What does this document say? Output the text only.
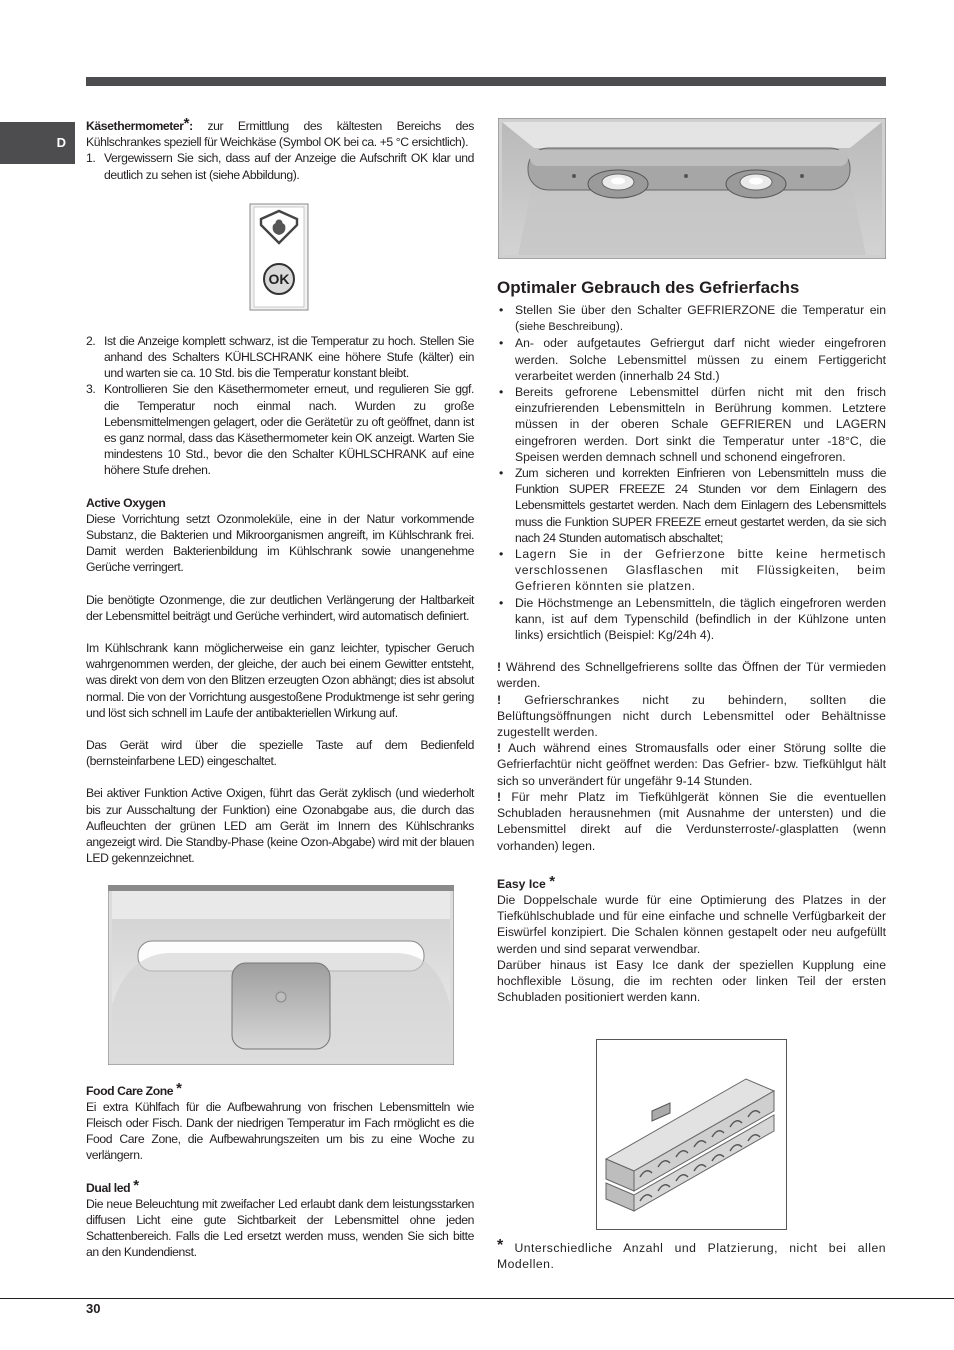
D

Käsethermometer*: zur Ermittlung des kältesten Bereichs des Kühlschrankes speziell für Weichkäse (Symbol OK bei ca. +5 °C ersichtlich).

1. Vergewissern Sie sich, dass auf der Anzeige die Aufschrift OK klar und deutlich zu sehen ist (siehe Abbildung).
OK
2. Ist die Anzeige komplett schwarz, ist die Temperatur zu hoch. Stellen Sie anhand des Schalters KÜHLSCHRANK eine höhere Stufe (kälter) ein und warten sie ca. 10 Std. bis die Temperatur konstant bleibt.
3. Kontrollieren Sie den Käsethermometer erneut, und regulieren Sie ggf. die Temperatur noch einmal nach. Wurden zu große Lebensmittelmengen gelagert, oder die Gerätetür zu oft geöffnet, dann ist es ganz normal, dass das Käsethermometer kein OK anzeigt. Warten Sie mindestens 10 Std., bevor die den Schalter KÜHLSCHRANK auf eine höhere Stufe drehen.

Active Oxygen

Diese Vorrichtung setzt Ozonmoleküle, eine in der Natur vorkommende Substanz, die Bakterien und Mikroorganismen angreift, im Kühlschrank frei. Damit werden Bakterienbildung im Kühlschrank sowie unangenehme Gerüche verringert.

Die benötigte Ozonmenge, die zur deutlichen Verlängerung der Haltbarkeit der Lebensmittel beiträgt und Gerüche verhindert, wird automatisch definiert.

Im Kühlschrank kann möglicherweise ein ganz leichter, typischer Geruch wahrgenommen werden, der gleiche, der auch bei einem Gewitter entsteht, was direkt von dem von den Blitzen erzeugten Ozon abhängt; dies ist absolut normal. Die von der Vorrichtung ausgestoßene Produktmenge ist sehr gering und löst sich schnell im Laufe der antibakteriellen Wirkung auf.

Das Gerät wird über die spezielle Taste auf dem Bedienfeld (bernsteinfarbene LED) eingeschaltet.

Bei aktiver Funktion Active Oxigen, führt das Gerät zyklisch (und wiederholt bis zur Ausschaltung der Funktion) eine Ozonabgabe aus, die durch das Aufleuchten der grünen LED am Gerät im Innern des Kühlschranks angezeigt wird. Die Standby-Phase (keine Ozon-Abgabe) wird mit der blauen LED gekennzeichnet.

Food Care Zone *

Ei extra Kühlfach für die Aufbewahrung von frischen Lebensmitteln wie Fleisch oder Fisch. Dank der niedrigen Temperatur im Fach rmöglicht es die Food Care Zone, die Aufbewahrungszeiten um bis zu eine Woche zu verlängern.

Dual led *

Die neue Beleuchtung mit zweifacher Led erlaubt dank dem leistungsstarken diffusen Licht eine gute Sichtbarkeit der Lebensmittel ohne jeden Schattenbereich. Falls die Led ersetzt werden muss, wenden Sie sich bitte an den Kundendienst.

Optimaler Gebrauch des Gefrierfachs

• Stellen Sie über den Schalter GEFRIERZONE die Temperatur ein (siehe Beschreibung).
• An- oder aufgetautes Gefriergut darf nicht wieder eingefroren werden. Solche Lebensmittel müssen zu einem Fertiggericht verarbeitet werden (innerhalb 24 Std.)
• Bereits gefrorene Lebensmittel dürfen nicht mit den frisch einzufrierenden Lebensmitteln in Berührung kommen. Letztere müssen in der oberen Schale GEFRIEREN und LAGERN eingefroren werden. Dort sinkt die Temperatur unter -18°C, die Speisen werden demnach schnell und schonend eingefroren.
• Zum sicheren und korrekten Einfrieren von Lebensmitteln muss die Funktion SUPER FREEZE 24 Stunden vor dem Einlagern des Lebensmittels gestartet werden. Nach dem Einlagern des Lebensmittels muss die Funktion SUPER FREEZE erneut gestartet werden, da sie sich nach 24 Stunden automatisch abschaltet;
• Lagern Sie in der Gefrierzone bitte keine hermetisch verschlossenen Glasflaschen mit Flüssigkeiten, beim Gefrieren könnten sie platzen.
• Die Höchstmenge an Lebensmitteln, die täglich eingefroren werden kann, ist auf dem Typenschild (befindlich in der Kühlzone unten links) ersichtlich (Beispiel: Kg/24h 4).

! Während des Schnellgefrierens sollte das Öffnen der Tür vermieden werden.

! Gefrierschrankes nicht zu behindern, sollten die Belüftungsöffnungen nicht durch Lebensmittel oder Behältnisse zugestellt werden.

! Auch während eines Stromausfalls oder einer Störung sollte die Gefrierfachtür nicht geöffnet werden: Das Gefrier- bzw. Tiefkühlgut hält sich so unverändert für ungefähr 9-14 Stunden.

! Für mehr Platz im Tiefkühlgerät können Sie die eventuellen Schubladen herausnehmen (mit Ausnahme der untersten) und die Lebensmittel direkt auf die Verdunsterroste/-glasplatten (wenn vorhanden) legen.

Easy Ice *

Die Doppelschale wurde für eine Optimierung des Platzes in der Tiefkühlschublade und für eine einfache und schnelle Verfügbarkeit der Eiswürfel konzipiert. Die Schalen können gestapelt oder neu aufgefüllt werden und sind separat verwendbar.

Darüber hinaus ist Easy Ice dank der speziellen Kupplung eine hochflexible Lösung, die im rechten oder linken Teil der ersten Schubladen positioniert werden kann.

* Unterschiedliche Anzahl und Platzierung, nicht bei allen Modellen.

30
